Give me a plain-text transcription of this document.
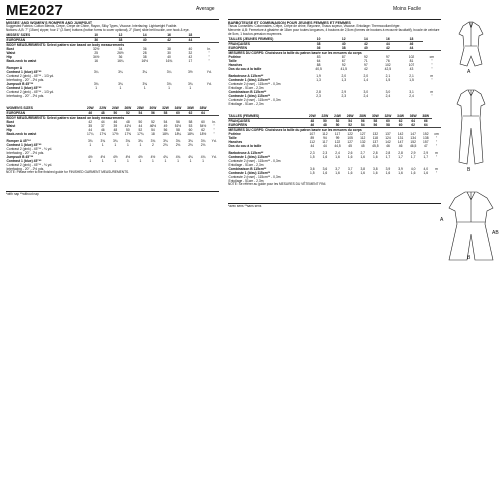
ME2027	Average	Moins Facile
MISSES' AND WOMEN'S ROMPER AND JUMPSUIT
Suggested Fabrics: Cotton Blends, Crepe, Crepe de Chine, Rayon, Silky Types, Viscose. Interfacing: Lightweight Fusible.
Notions: A,B: 7" (15cm) zipper, four 1" (2.5cm) buttons (button forms to cover optional), 2" (5cm) slide belt buckle, one hook & eye.
MISSES' SIZES	10	12	14	16	18	
EUROPEAN	36	38	40	42	44	
BODY MEASUREMENTS: Select pattern size based on body measurements						
Bust	32½	34	36	38	40	In.
Waist	25	26½	28	30	32	"
Hip	34½	36	38	40	42	"
Back-neck to waist	16	16¼	16½	16¾	17	"

Romper A						
Contrast 1 (blue) 45"**	3¼	3¼	3¼	3¼	3½	Yd.
Contrast 2 (pink) - 45"** - 1/3 yd.						
Interfacing - 20" - 2½ yds.						
Jumpsuit B 45"**	3¾	3¾	3¾	3¾	3¾	Yd.
Contrast 1 (blue) 45"**	1	1	1	1	1	
Contrast 2 (pink) - 45"** - 1/3 yd.						
Interfacing - 20" - 2½ yds.						
WOMEN'S SIZES	20W	22W	24W	26W	28W	30W	32W	34W	36W	38W	
EUROPEAN	46	48	50	52	54	56	58	60	62	64	
BODY MEASUREMENTS: Select pattern size based on body measurements											
Bust	42	44	46	48	50	52	54	56	58	60	In.
Waist	35	37	39	41½	44	46½	49	51½	53	54½	"
Hip	44	46	48	50	52	54	56	58	60	62	"
Back-neck to waist	17¼	17⅜	17½	17⅝	17¾	18	18⅛	18¼	18⅜	18½	"

Romper A 45"**	3¾	3¾	3¾	3¾	3¾	3¾	3¾	3¾	3¾	3¾	Yd.
Contrast 1 (blue) 45"**	1	1	1	1	1	2	2⅛	2⅛	2⅛	2⅛	
Contrast 2 (pink) - 45"** - ⅓ yd.											
Interfacing - 20" - 2½ yds.											
Jumpsuit B 45"**	4½	4½	4½	4½	4½	4½	4¾	4¾	4¾	4¾	Yd.
Contrast 1 (blue) 45"**	1	1	1	1	1	1	1	1	1	1	
Contrast 2 (pink) - 45"** - ⅓ yd.											
Interfacing - 20" - 2½ yds.											
NOTE: Please refer to the finished guide for FINISHED GARMENT MEASUREMENTS.
*with nap **without nap
BARBOTEUSE ET COMBINAISON POUR JEUNES FEMMES ET FEMMES
Tissus Conseillés: Cotonnades, Crêpe, Crêpe de chine, Rayonne, Tissus soyeux, Viscose. Entoilage: Thermocollant léger.
Mercerie: A,B: Fermeture à glissière de 18cm pour toutes longueurs, 4 boutons de 2,5cm (formes de boutons à recouvrir facultatif), boucle de ceinture de 5cm, 1 bouton-pression moyennes.
TAILLES (JEUNES FEMMES)	10	12	14	16	18	
FRANÇAISES	38	40	42	44	46	
EUROPÉEN	36	38	40	42	44	
MESURES DU CORPS: Choisissez la taille du patron basée sur les mesures du corps						
Poitrine	83	87	92	97	102	cm
Taille	64	67	71	76	81	"
Hanches	88	92	97	102	107	"
Dos du cou à la taille	40,5	41,5	42	42,5	43	"

Barboteuse A 115cm**	1,9	2,0	2,0	2,1	2,1	m
Contraste 1 (bleu) 115cm**	1,3	1,3	1,4	1,5	1,5	"
Contraste 2 (rose) - 115cm** - 0,3m						
Entoilage - 51cm - 2,3m						
Combinaison B 115cm**	2,8	2,9	3,0	3,0	3,1	m
Contraste 1 (bleu) 115cm**	2,3	2,3	2,4	2,4	2,4	"
Contraste 2 (rose) - 115cm** - 0,3m						
Entoilage - 51cm - 2,3m						
TAILLES (FEMMES)	20W	22W	24W	26W	28W	30W	32W	34W	36W	38W	
FRANÇAISES	48	50	52	54	56	58	60	62	64	66	
EUROPÉEN	46	48	50	52	54	56	58	60	62	64	
MESURES DU CORPS: Choisissez la taille du patron basée sur les mesures du corps											
Poitrine	107	112	117	122	127	132	137	142	147	152	cm
Taille	89	94	99	105	112	118	124	131	134	138	"
Hanches	112	117	122	127	132	137	142	147	152	157	"
Dos du cou à la taille	44	44	44,5	45	45	45,5	46	46	46,5	47	"

Barboteuse A 115cm**	2,3	2,3	2,4	2,6	2,7	2,8	2,8	2,8	2,9	2,9	m
Contraste 1 (bleu) 115cm**	1,5	1,6	1,6	1,6	1,6	1,6	1,7	1,7	1,7	1,7	"
Contraste 2 (rose) - 115cm** - 0,3m											
Entoilage - 51cm - 2,3m											
Combinaison B 115cm**	3,6	3,6	3,7	3,7	3,8	3,8	3,9	3,9	4,0	4,0	m
Contraste 1 (bleu) 115cm**	1,5	1,6	1,6	1,6	1,6	1,6	1,6	1,6	1,6	1,6	"
Contraste 2 (rose) - 115cm** - 0,3m											
Entoilage - 51cm - 2,3m											
NOTE: Se référer au guide pour les MESURES DU VÊTEMENT FINI.
*avec sens **sans sens
A
B
A
AB
B
